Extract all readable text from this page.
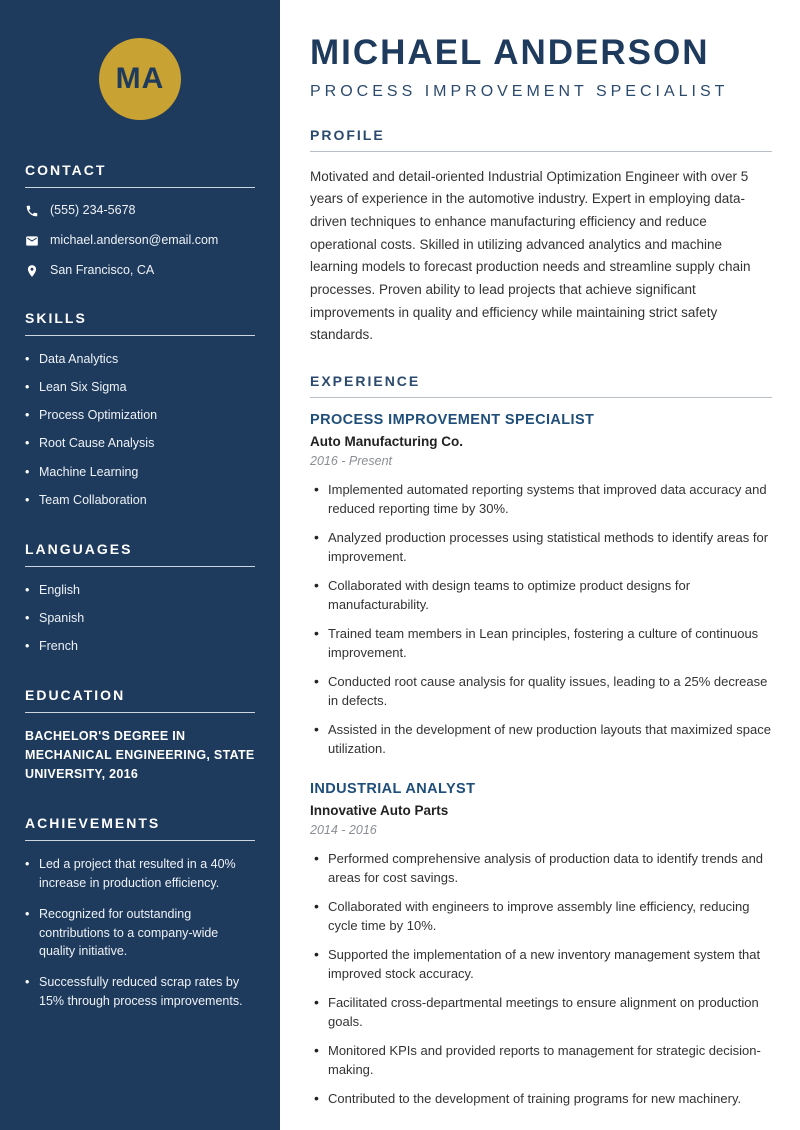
MA
CONTACT
(555) 234-5678
michael.anderson@email.com
San Francisco, CA
SKILLS
• Data Analytics
• Lean Six Sigma
• Process Optimization
• Root Cause Analysis
• Machine Learning
• Team Collaboration
LANGUAGES
• English
• Spanish
• French
EDUCATION
BACHELOR'S DEGREE IN MECHANICAL ENGINEERING, STATE UNIVERSITY, 2016
ACHIEVEMENTS
• Led a project that resulted in a 40% increase in production efficiency.
• Recognized for outstanding contributions to a company-wide quality initiative.
• Successfully reduced scrap rates by 15% through process improvements.
MICHAEL ANDERSON
PROCESS IMPROVEMENT SPECIALIST
PROFILE

Motivated and detail-oriented Industrial Optimization Engineer with over 5 years of experience in the automotive industry. Expert in employing data-driven techniques to enhance manufacturing efficiency and reduce operational costs. Skilled in utilizing advanced analytics and machine learning models to forecast production needs and streamline supply chain processes. Proven ability to lead projects that achieve significant improvements in quality and efficiency while maintaining strict safety standards.

EXPERIENCE
PROCESS IMPROVEMENT SPECIALIST
Auto Manufacturing Co.
2016 - Present
• Implemented automated reporting systems that improved data accuracy and reduced reporting time by 30%.
• Analyzed production processes using statistical methods to identify areas for improvement.
• Collaborated with design teams to optimize product designs for manufacturability.
• Trained team members in Lean principles, fostering a culture of continuous improvement.
• Conducted root cause analysis for quality issues, leading to a 25% decrease in defects.
• Assisted in the development of new production layouts that maximized space utilization.
INDUSTRIAL ANALYST
Innovative Auto Parts
2014 - 2016
• Performed comprehensive analysis of production data to identify trends and areas for cost savings.
• Collaborated with engineers to improve assembly line efficiency, reducing cycle time by 10%.
• Supported the implementation of a new inventory management system that improved stock accuracy.
• Facilitated cross-departmental meetings to ensure alignment on production goals.
• Monitored KPIs and provided reports to management for strategic decision-making.
• Contributed to the development of training programs for new machinery.
